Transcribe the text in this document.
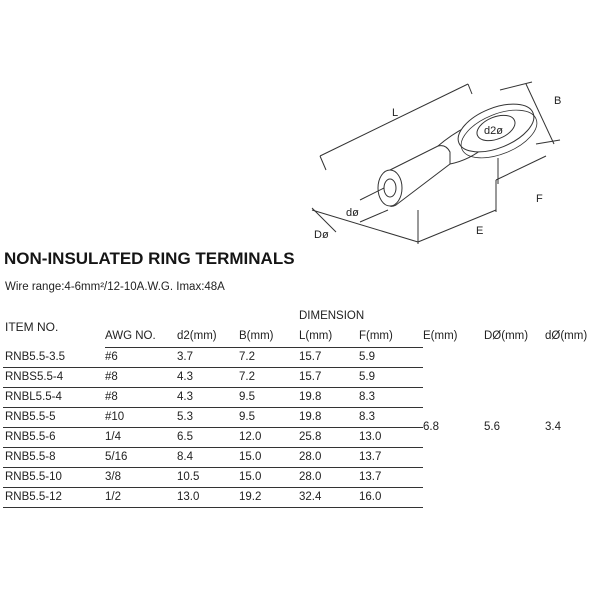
L
B
d2ø
F
E
dø
Dø
NON-INSULATED RING TERMINALS
Wire range:4-6mm²/12-10A.W.G. Imax:48A
ITEM NO.				DIMENSION				
	AWG NO.	d2(mm)	B(mm)	L(mm)	F(mm)	E(mm)	DØ(mm)	dØ(mm)
RNB5.5-3.5	#6	3.7	7.2	15.7	5.9	6.8	5.6	3.4
RNBS5.5-4	#8	4.3	7.2	15.7	5.9			
RNBL5.5-4	#8	4.3	9.5	19.8	8.3			
RNB5.5-5	#10	5.3	9.5	19.8	8.3			
RNB5.5-6	1/4	6.5	12.0	25.8	13.0			
RNB5.5-8	5/16	8.4	15.0	28.0	13.7			
RNB5.5-10	3/8	10.5	15.0	28.0	13.7			
RNB5.5-12	1/2	13.0	19.2	32.4	16.0			
